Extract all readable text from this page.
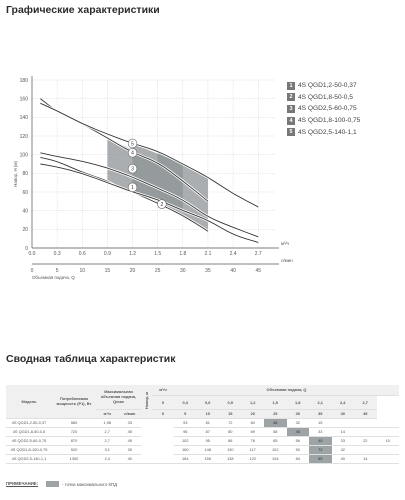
Графические характеристики
1
2
3
4
5
0
20
40
60
80
100
120
140
160
180
0.0	0.3	0.6	0.9	1.2	1.5	1.8	2.1	2.4	2.7
0	5	10	15	20	25	30	35	40	45
м³/ч
л/мин
Объемная подача, Q
Напор, H (м)
1 4S QGD1,2-50-0,37
2 4S QGD1,8-50-0,5
3 4S QGD2,5-60-0,75
4 4S QGD1,8-100-0,75
5 4S QGD2,5-140-1,1
Сводная таблица характеристик
Модель	Потребляемая мощность (P1), Вт	Максимальная объемная подача, Qmax		Напор, м	м³/ч	Объемная подача, Q									
					0	0,3	0,6	0,9	1,2	1,5	1,8	2,1	2,4	2,7	
		м³/ч	л/мин		0	5	10	15	20	25	30	35	40	45	
4S QGD1,2-50-0,37	580	1,98	33			93	81	72	60	48	32	15			
4S QGD1,8-50-0,5	720	2,7	45			96	87	80	69	58	45	33	14		
4S QGD2,5-60-0,75	870	2,7	45			102	95	86	76	65	56	45	33	22	10
4S QGD1,8-100-0,75	920	3,1	35			160	148	130	117	102	90	72	42		
4S QGD2,5-140-1,1	1300	2,4	40			164	155	138	122	104	84	65	40	14	
ПРИМЕЧАНИЕ:	- точка максимального КПД
